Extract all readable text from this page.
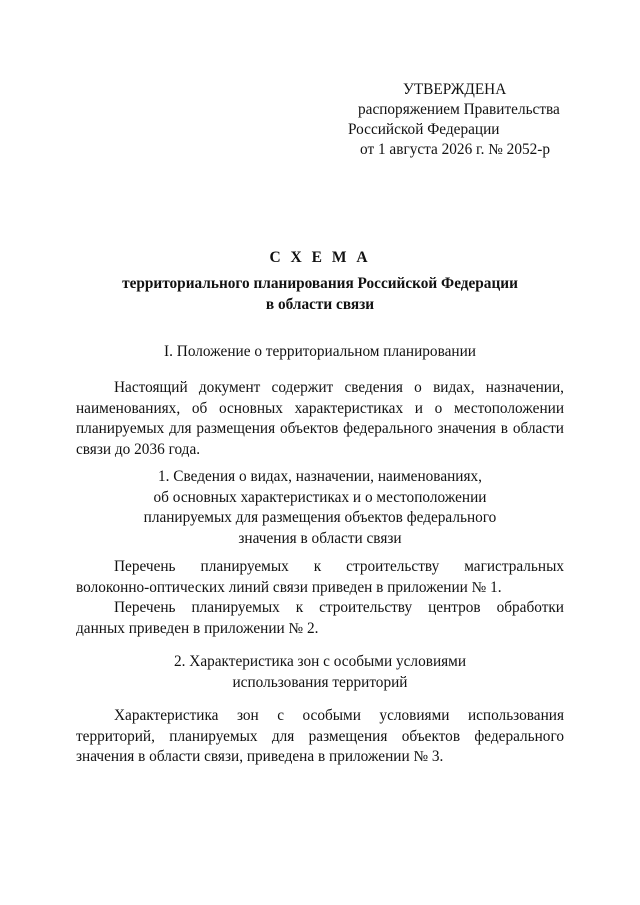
УТВЕРЖДЕНА
распоряжением Правительства
Российской Федерации
от 1 августа 2026 г. № 2052-р
С Х Е М А
территориального планирования Российской Федерации
в области связи
I. Положение о территориальном планировании
Настоящий документ содержит сведения о видах, назначении,
наименованиях, об основных характеристиках и о местоположении
планируемых для размещения объектов федерального значения в области
связи до 2036 года.
1. Сведения о видах, назначении, наименованиях,
об основных характеристиках и о местоположении
планируемых для размещения объектов федерального
значения в области связи
Перечень планируемых к строительству магистральных
волоконно-оптических линий связи приведен в приложении № 1.
Перечень планируемых к строительству центров обработки
данных приведен в приложении № 2.
2. Характеристика зон с особыми условиями
использования территорий
Характеристика зон с особыми условиями использования
территорий, планируемых для размещения объектов федерального
значения в области связи, приведена в приложении № 3.
